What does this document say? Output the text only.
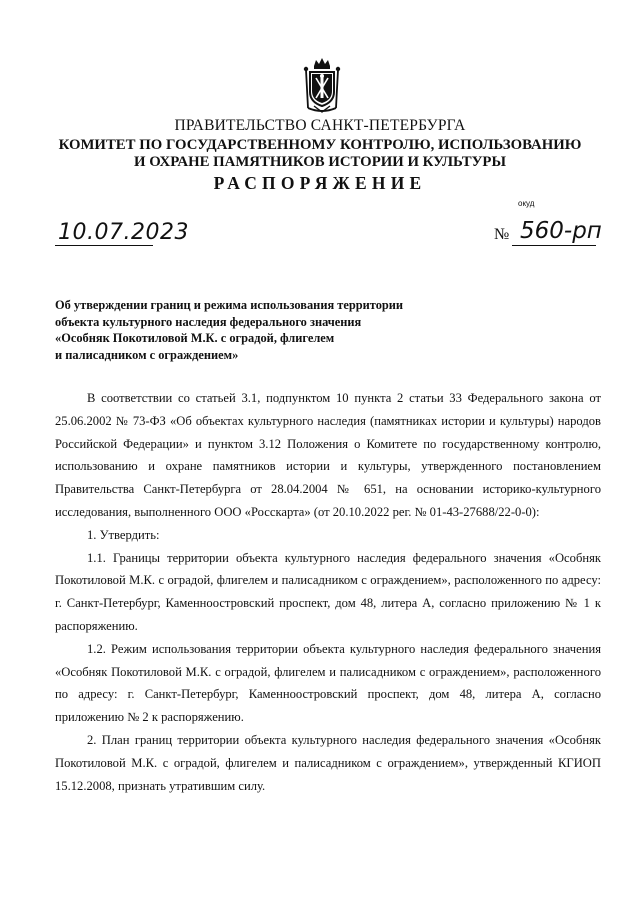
ПРАВИТЕЛЬСТВО САНКТ-ПЕТЕРБУРГА
КОМИТЕТ ПО ГОСУДАРСТВЕННОМУ КОНТРОЛЮ, ИСПОЛЬЗОВАНИЮ
И ОХРАНЕ ПАМЯТНИКОВ ИСТОРИИ И КУЛЬТУРЫ
РАСПОРЯЖЕНИЕ
окуд
10.07.2023	№ 560-рп
Об утверждении границ и режима использования территории
объекта культурного наследия федерального значения
«Особняк Покотиловой М.К. с оградой, флигелем
и палисадником с ограждением»

В соответствии со статьей 3.1, подпунктом 10 пункта 2 статьи 33 Федерального закона от 25.06.2002 № 73-ФЗ «Об объектах культурного наследия (памятниках истории и культуры) народов Российской Федерации» и пунктом 3.12 Положения о Комитете по государственному контролю, использованию и охране памятников истории и культуры, утвержденного постановлением Правительства Санкт-Петербурга от 28.04.2004 № 651, на основании историко-культурного исследования, выполненного ООО «Росскарта» (от 20.10.2022 рег. № 01-43-27688/22-0-0):

1. Утвердить:

1.1. Границы территории объекта культурного наследия федерального значения «Особняк Покотиловой М.К. с оградой, флигелем и палисадником с ограждением», расположенного по адресу: г. Санкт-Петербург, Каменноостровский проспект, дом 48, литера А, согласно приложению № 1 к распоряжению.

1.2. Режим использования территории объекта культурного наследия федерального значения «Особняк Покотиловой М.К. с оградой, флигелем и палисадником с ограждением», расположенного по адресу: г. Санкт-Петербург, Каменноостровский проспект, дом 48, литера А, согласно приложению № 2 к распоряжению.

2. План границ территории объекта культурного наследия федерального значения «Особняк Покотиловой М.К. с оградой, флигелем и палисадником с ограждением», утвержденный КГИОП 15.12.2008, признать утратившим силу.
